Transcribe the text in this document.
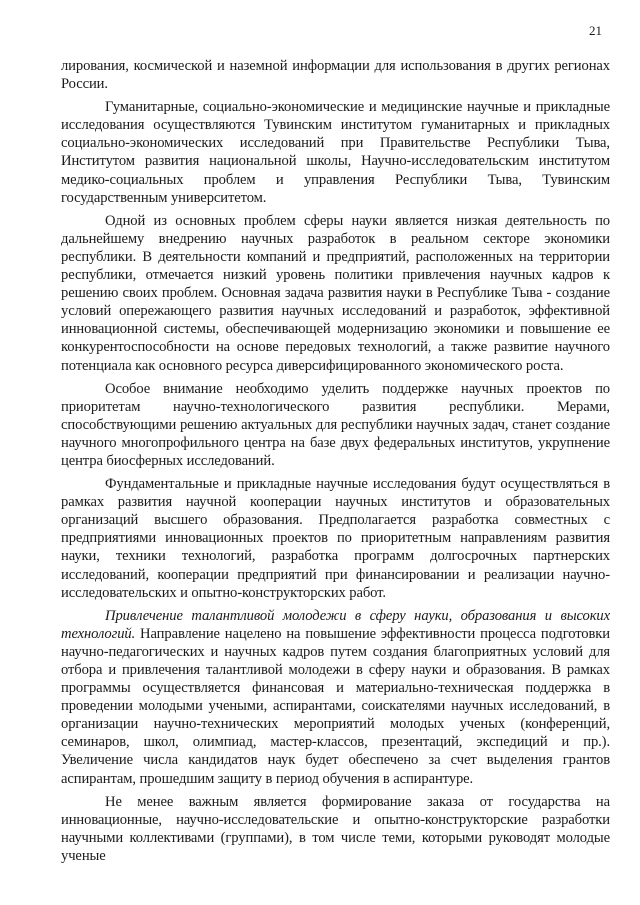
21

лирования, космической и наземной информации для использования в других регионах России.

Гуманитарные, социально-экономические и медицинские научные и прикладные исследования осуществляются Тувинским институтом гуманитарных и прикладных социально-экономических исследований при Правительстве Республики Тыва, Институтом развития национальной школы, Научно-исследовательским институтом медико-социальных проблем и управления Республики Тыва, Тувинским государственным университетом.

Одной из основных проблем сферы науки является низкая деятельность по дальнейшему внедрению научных разработок в реальном секторе экономики республики. В деятельности компаний и предприятий, расположенных на территории республики, отмечается низкий уровень политики привлечения научных кадров к решению своих проблем. Основная задача развития науки в Республике Тыва - создание условий опережающего развития научных исследований и разработок, эффективной инновационной системы, обеспечивающей модернизацию экономики и повышение ее конкурентоспособности на основе передовых технологий, а также развитие научного потенциала как основного ресурса диверсифицированного экономического роста.

Особое внимание необходимо уделить поддержке научных проектов по приоритетам научно-технологического развития республики. Мерами, способствующими решению актуальных для республики научных задач, станет создание научного многопрофильного центра на базе двух федеральных институтов, укрупнение центра биосферных исследований.

Фундаментальные и прикладные научные исследования будут осуществляться в рамках развития научной кооперации научных институтов и образовательных организаций высшего образования. Предполагается разработка совместных с предприятиями инновационных проектов по приоритетным направлениям развития науки, техники технологий, разработка программ долгосрочных партнерских исследований, кооперации предприятий при финансировании и реализации научно-исследовательских и опытно-конструкторских работ.

Привлечение талантливой молодежи в сферу науки, образования и высоких технологий. Направление нацелено на повышение эффективности процесса подготовки научно-педагогических и научных кадров путем создания благоприятных условий для отбора и привлечения талантливой молодежи в сферу науки и образования. В рамках программы осуществляется финансовая и материально-техническая поддержка в проведении молодыми учеными, аспирантами, соискателями научных исследований, в организации научно-технических мероприятий молодых ученых (конференций, семинаров, школ, олимпиад, мастер-классов, презентаций, экспедиций и пр.). Увеличение числа кандидатов наук будет обеспечено за счет выделения грантов аспирантам, прошедшим защиту в период обучения в аспирантуре.

Не менее важным является формирование заказа от государства на инновационные, научно-исследовательские и опытно-конструкторские разработки научными коллективами (группами), в том числе теми, которыми руководят молодые ученые
